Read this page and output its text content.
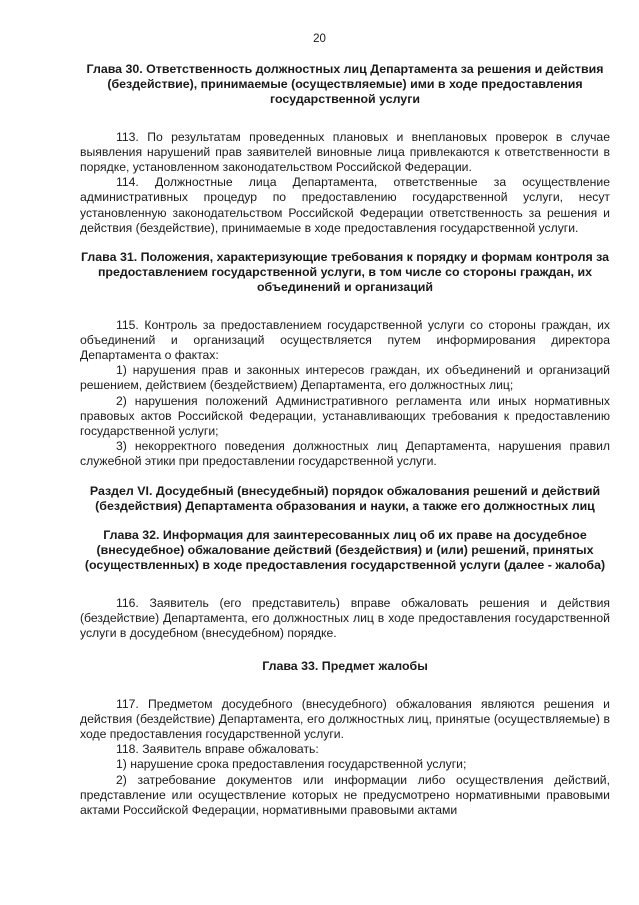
20

Глава 30. Ответственность должностных лиц Департамента за решения и действия (бездействие), принимаемые (осуществляемые) ими в ходе предоставления государственной услуги

113. По результатам проведенных плановых и внеплановых проверок в случае выявления нарушений прав заявителей виновные лица привлекаются к ответственности в порядке, установленном законодательством Российской Федерации.

114. Должностные лица Департамента, ответственные за осуществление административных процедур по предоставлению государственной услуги, несут установленную законодательством Российской Федерации ответственность за решения и действия (бездействие), принимаемые в ходе предоставления государственной услуги.

Глава 31. Положения, характеризующие требования к порядку и формам контроля за предоставлением государственной услуги, в том числе со стороны граждан, их объединений и организаций

115. Контроль за предоставлением государственной услуги со стороны граждан, их объединений и организаций осуществляется путем информирования директора Департамента о фактах:

1) нарушения прав и законных интересов граждан, их объединений и организаций решением, действием (бездействием) Департамента, его должностных лиц;

2) нарушения положений Административного регламента или иных нормативных правовых актов Российской Федерации, устанавливающих требования к предоставлению государственной услуги;

3) некорректного поведения должностных лиц Департамента, нарушения правил служебной этики при предоставлении государственной услуги.

Раздел VI. Досудебный (внесудебный) порядок обжалования решений и действий (бездействия) Департамента образования и науки, а также его должностных лиц

Глава 32. Информация для заинтересованных лиц об их праве на досудебное (внесудебное) обжалование действий (бездействия) и (или) решений, принятых (осуществленных) в ходе предоставления государственной услуги (далее - жалоба)

116. Заявитель (его представитель) вправе обжаловать решения и действия (бездействие) Департамента, его должностных лиц в ходе предоставления государственной услуги в досудебном (внесудебном) порядке.

Глава 33. Предмет жалобы

117. Предметом досудебного (внесудебного) обжалования являются решения и действия (бездействие) Департамента, его должностных лиц, принятые (осуществляемые) в ходе предоставления государственной услуги.

118. Заявитель вправе обжаловать:

1) нарушение срока предоставления государственной услуги;

2) затребование документов или информации либо осуществления действий, представление или осуществление которых не предусмотрено нормативными правовыми актами Российской Федерации, нормативными правовыми актами
